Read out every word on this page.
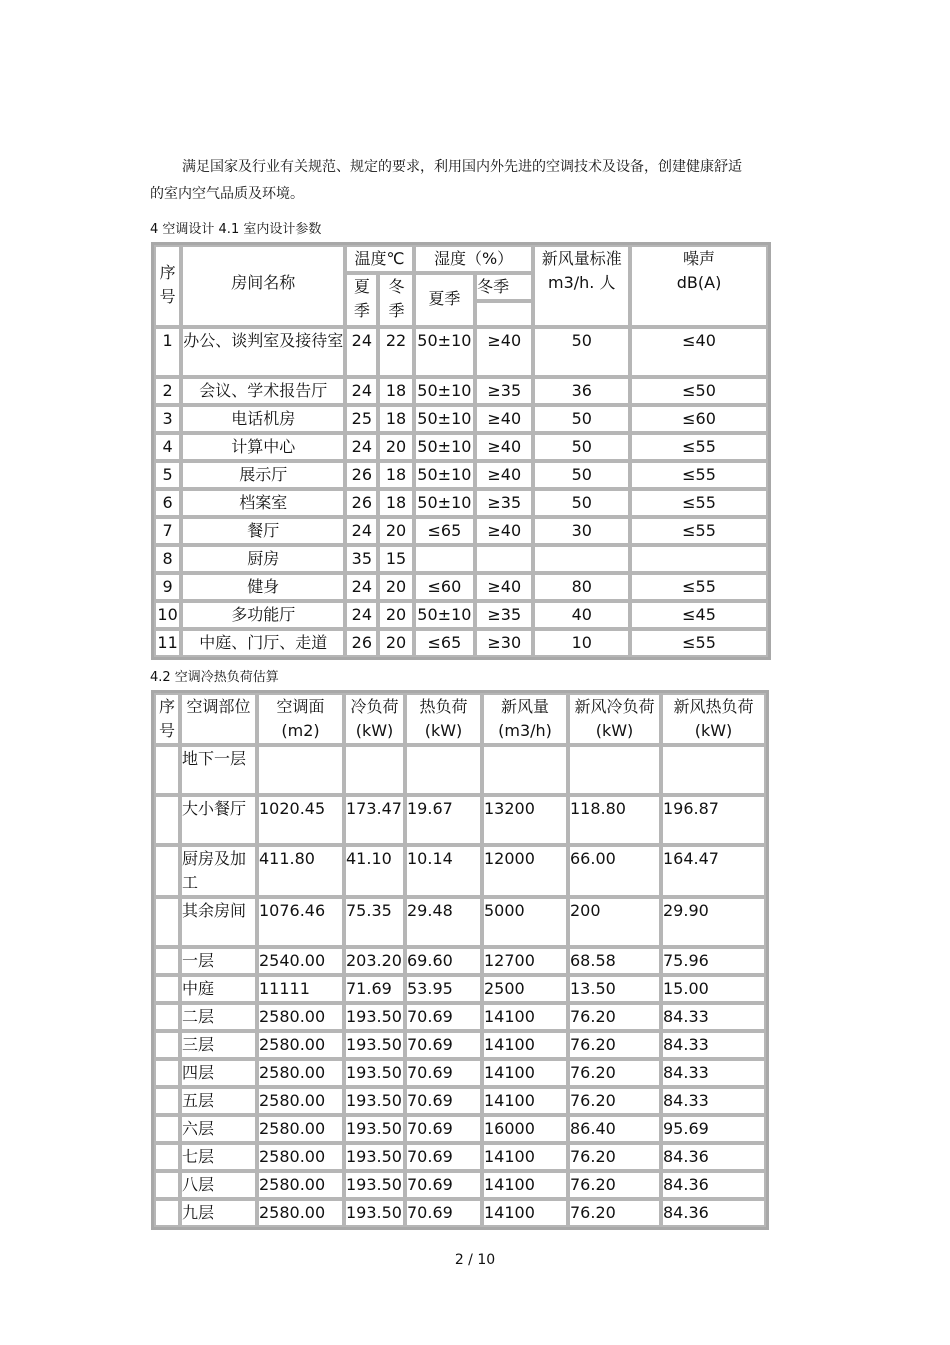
满足国家及行业有关规范、规定的要求，利用国内外先进的空调技术及设备，创建健康舒适的室内空气品质及环境。

4 空调设计 4.1 室内设计参数
序号	房间名称	温度℃		湿度（%）		新风量标准 m3/h. 人	噪声 dB(A)

		夏季	冬季	夏季	冬季		

1	办公、谈判室及接待室	24	22	50±10	≥40	50	≤40
2	会议、学术报告厅	24	18	50±10	≥35	36	≤50
3	电话机房	25	18	50±10	≥40	50	≤60
4	计算中心	24	20	50±10	≥40	50	≤55
5	展示厅	26	18	50±10	≥40	50	≤55
6	档案室	26	18	50±10	≥35	50	≤55
7	餐厅	24	20	≤65	≥40	30	≤55
8	厨房	35	15				
9	健身	24	20	≤60	≥40	80	≤55
10	多功能厅	24	20	50±10	≥35	40	≤45
11	中庭、门厅、走道	26	20	≤65	≥30	10	≤55
4.2 空调冷热负荷估算
序号	空调部位	空调面 (m2)	冷负荷 (kW)	热负荷 (kW)	新风量 (m3/h)	新风冷负荷(kW)	新风热负荷 (kW)
	地下一层						
	大小餐厅	1020.45	173.47	19.67	13200	118.80	196.87
	厨房及加工	411.80	41.10	10.14	12000	66.00	164.47
	其余房间	1076.46	75.35	29.48	5000	200	29.90
	一层	2540.00	203.20	69.60	12700	68.58	75.96
	中庭	11111	71.69	53.95	2500	13.50	15.00
	二层	2580.00	193.50	70.69	14100	76.20	84.33
	三层	2580.00	193.50	70.69	14100	76.20	84.33
	四层	2580.00	193.50	70.69	14100	76.20	84.33
	五层	2580.00	193.50	70.69	14100	76.20	84.33
	六层	2580.00	193.50	70.69	16000	86.40	95.69
	七层	2580.00	193.50	70.69	14100	76.20	84.36
	八层	2580.00	193.50	70.69	14100	76.20	84.36
	九层	2580.00	193.50	70.69	14100	76.20	84.36
2 / 10
